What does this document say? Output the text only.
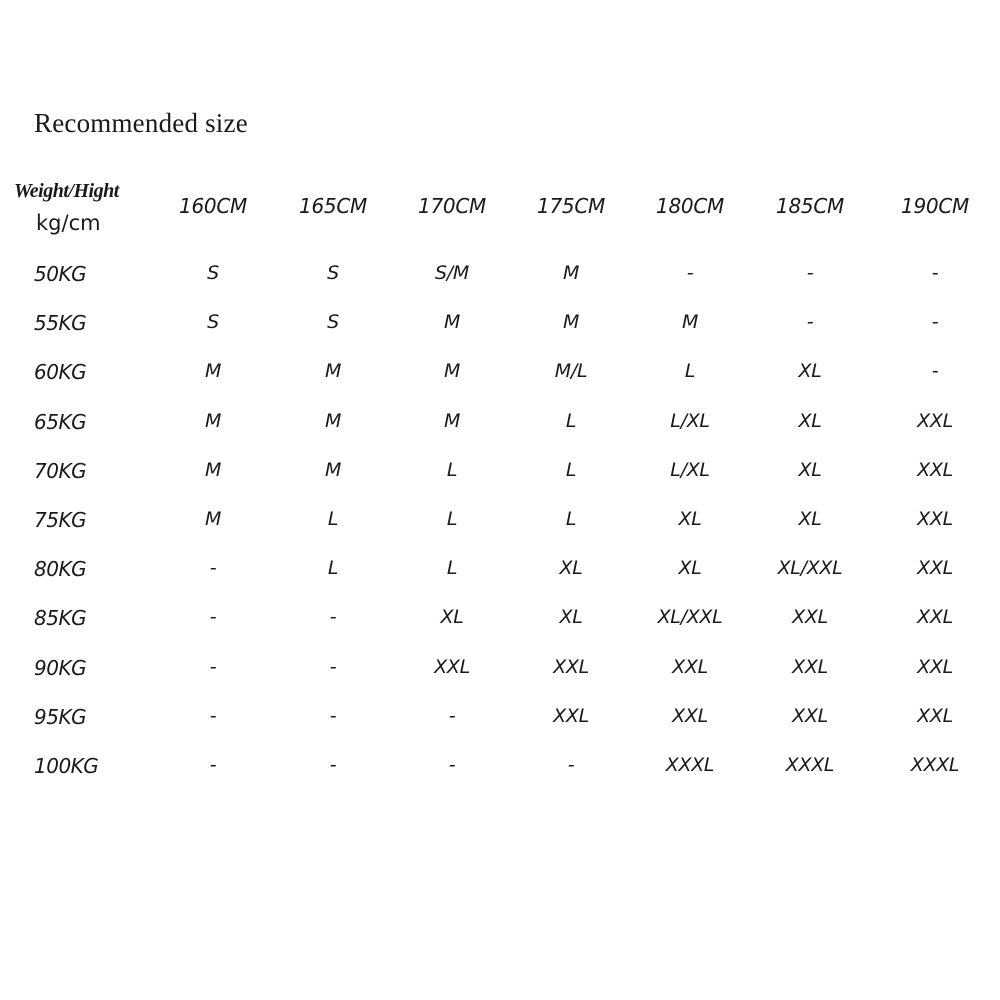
Recommended size
Weight/Hight
kg/cm
160CM	165CM	170CM	175CM	180CM	185CM	190CM
50KG	S	S	S/M	M	-	-	-
55KG	S	S	M	M	M	-	-
60KG	M	M	M	M/L	L	XL	-
65KG	M	M	M	L	L/XL	XL	XXL
70KG	M	M	L	L	L/XL	XL	XXL
75KG	M	L	L	L	XL	XL	XXL
80KG	-	L	L	XL	XL	XL/XXL	XXL
85KG	-	-	XL	XL	XL/XXL	XXL	XXL
90KG	-	-	XXL	XXL	XXL	XXL	XXL
95KG	-	-	-	XXL	XXL	XXL	XXL
100KG	-	-	-	-	XXXL	XXXL	XXXL
